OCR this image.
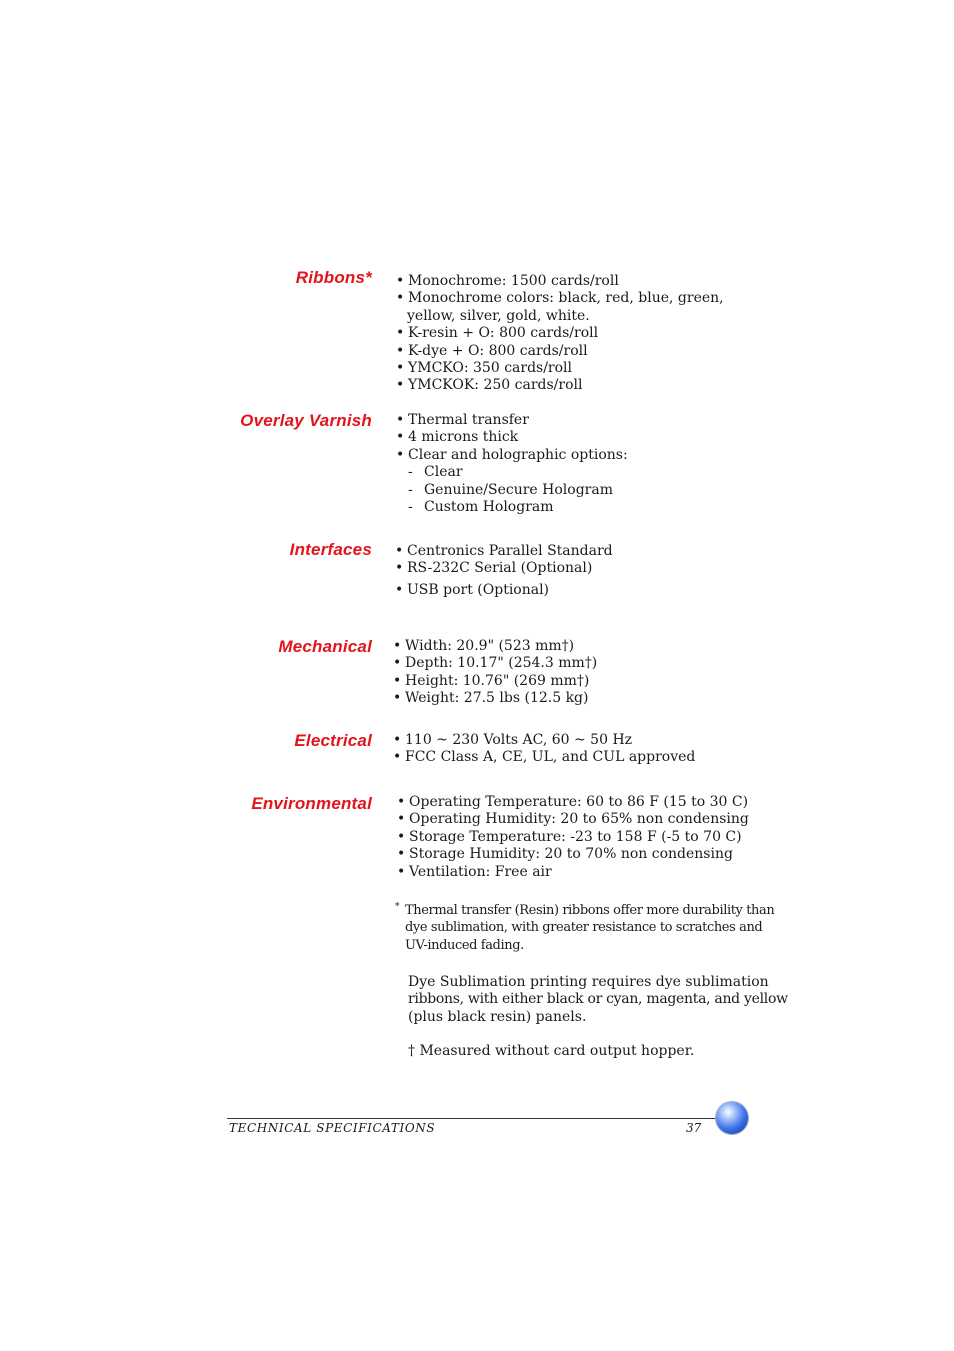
Ribbons*	• Monochrome: 1500 cards/roll
• Monochrome colors: black, red, blue, green,
yellow, silver, gold, white.
• K-resin + O: 800 cards/roll
• K-dye + O: 800 cards/roll
• YMCKO: 350 cards/roll
• YMCKOK: 250 cards/roll
Overlay Varnish	• Thermal transfer
• 4 microns thick
• Clear and holographic options:
- Clear
- Genuine/Secure Hologram
- Custom Hologram
Interfaces	• Centronics Parallel Standard
• RS-232C Serial (Optional)
• USB port (Optional)
Mechanical	• Width: 20.9" (523 mm†)
• Depth: 10.17" (254.3 mm†)
• Height: 10.76" (269 mm†)
• Weight: 27.5 lbs (12.5 kg)
Electrical	• 110 ~ 230 Volts AC, 60 ~ 50 Hz
• FCC Class A, CE, UL, and CUL approved
Environmental	• Operating Temperature: 60 to 86 F (15 to 30 C)
• Operating Humidity: 20 to 65% non condensing
• Storage Temperature: -23 to 158 F (-5 to 70 C)
• Storage Humidity: 20 to 70% non condensing
• Ventilation: Free air
* Thermal transfer (Resin) ribbons offer more durability than
dye sublimation, with greater resistance to scratches and
UV-induced fading.
Dye Sublimation printing requires dye sublimation
ribbons, with either black or cyan, magenta, and yellow
(plus black resin) panels.
† Measured without card output hopper.
TECHNICAL SPECIFICATIONS	37
